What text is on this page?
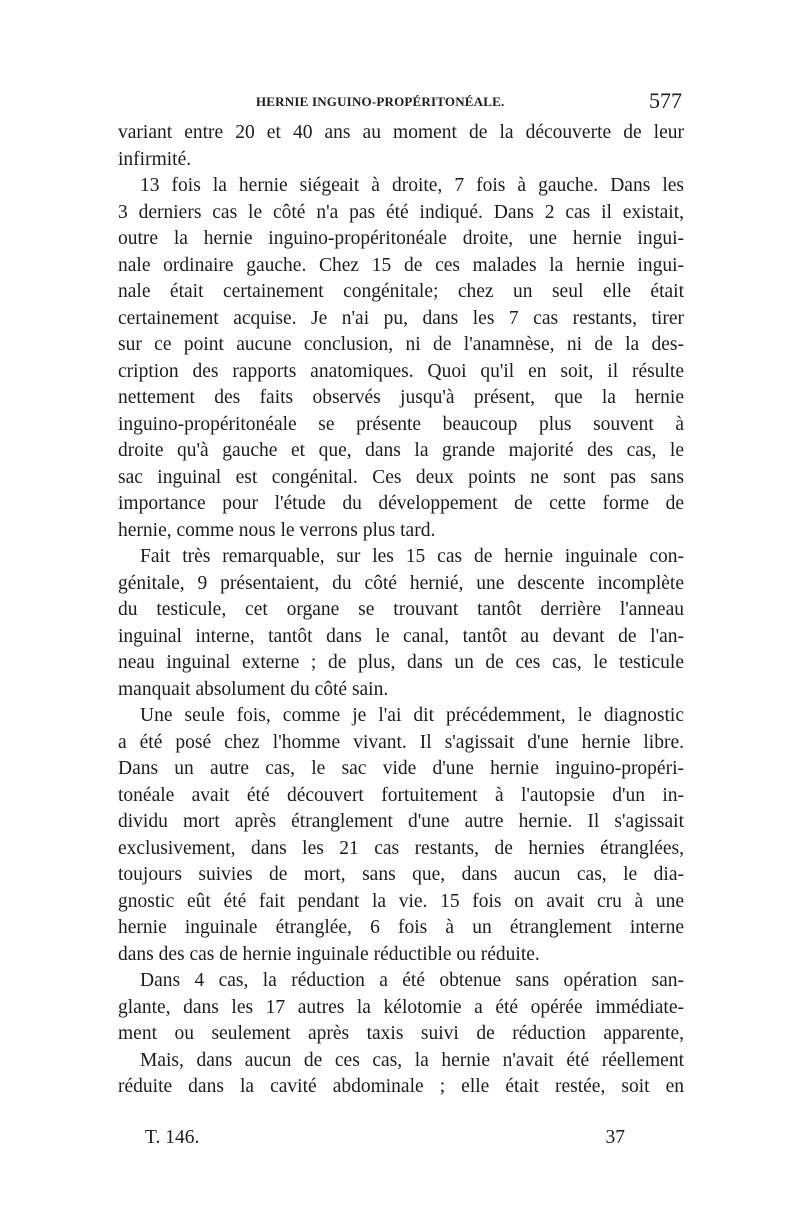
HERNIE INGUINO-PROPÉRITONÉALE.	577
variant entre 20 et 40 ans au moment de la découverte de leur
infirmité.
13 fois la hernie siégeait à droite, 7 fois à gauche. Dans les
3 derniers cas le côté n'a pas été indiqué. Dans 2 cas il existait,
outre la hernie inguino-propéritonéale droite, une hernie ingui-
nale ordinaire gauche. Chez 15 de ces malades la hernie ingui-
nale était certainement congénitale; chez un seul elle était
certainement acquise. Je n'ai pu, dans les 7 cas restants, tirer
sur ce point aucune conclusion, ni de l'anamnèse, ni de la des-
cription des rapports anatomiques. Quoi qu'il en soit, il résulte
nettement des faits observés jusqu'à présent, que la hernie
inguino-propéritonéale se présente beaucoup plus souvent à
droite qu'à gauche et que, dans la grande majorité des cas, le
sac inguinal est congénital. Ces deux points ne sont pas sans
importance pour l'étude du développement de cette forme de
hernie, comme nous le verrons plus tard.
Fait très remarquable, sur les 15 cas de hernie inguinale con-
génitale, 9 présentaient, du côté hernié, une descente incomplète
du testicule, cet organe se trouvant tantôt derrière l'anneau
inguinal interne, tantôt dans le canal, tantôt au devant de l'an-
neau inguinal externe ; de plus, dans un de ces cas, le testicule
manquait absolument du côté sain.
Une seule fois, comme je l'ai dit précédemment, le diagnostic
a été posé chez l'homme vivant. Il s'agissait d'une hernie libre.
Dans un autre cas, le sac vide d'une hernie inguino-propéri-
tonéale avait été découvert fortuitement à l'autopsie d'un in-
dividu mort après étranglement d'une autre hernie. Il s'agissait
exclusivement, dans les 21 cas restants, de hernies étranglées,
toujours suivies de mort, sans que, dans aucun cas, le dia-
gnostic eût été fait pendant la vie. 15 fois on avait cru à une
hernie inguinale étranglée, 6 fois à un étranglement interne
dans des cas de hernie inguinale réductible ou réduite.
Dans 4 cas, la réduction a été obtenue sans opération san-
glante, dans les 17 autres la kélotomie a été opérée immédiate-
ment ou seulement après taxis suivi de réduction apparente,
Mais, dans aucun de ces cas, la hernie n'avait été réellement
réduite dans la cavité abdominale ; elle était restée, soit en
T. 146.	37
